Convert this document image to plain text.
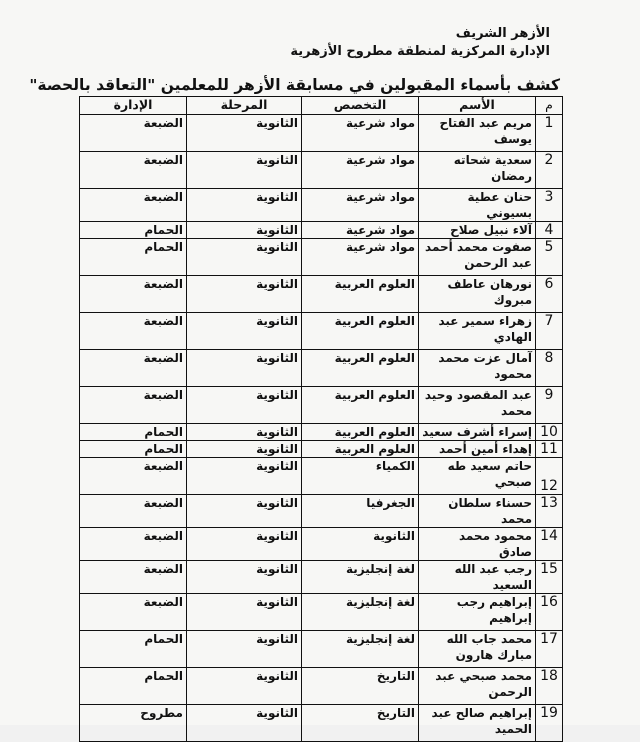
الأزهر الشريف
الإدارة المركزية لمنطقة مطروح الأزهرية
كشف بأسماء المقبولين في مسابقة الأزهر للمعلمين "التعاقد بالحصة"
م	الأسم	التخصص	المرحلة	الإدارة
1	مريم عبد الفتاح يوسف	مواد شرعية	الثانوية	الضبعة
2	سعدية شحاته رمضان	مواد شرعية	الثانوية	الضبعة
3	حنان عطية بسيوني	مواد شرعية	الثانوية	الضبعة
4	آلاء نبيل صلاح	مواد شرعية	الثانوية	الحمام
5	صفوت محمد أحمد عبد الرحمن	مواد شرعية	الثانوية	الحمام
6	نورهان عاطف مبروك	العلوم العربية	الثانوية	الضبعة
7	زهراء سمير عبد الهادي	العلوم العربية	الثانوية	الضبعة
8	آمال عزت محمد محمود	العلوم العربية	الثانوية	الضبعة
9	عبد المقصود وحيد محمد	العلوم العربية	الثانوية	الضبعة
10	إسراء أشرف سعيد	العلوم العربية	الثانوية	الحمام
11	إهداء أمين أحمد	العلوم العربية	الثانوية	الحمام
12	حاتم سعيد طه صبحي	الكمياء	الثانوية	الضبعة
13	حسناء سلطان محمد	الجغرفيا	الثانوية	الضبعة
14	محمود محمد صادق	الثانوية	الثانوية	الضبعة
15	رجب عبد الله السعيد	لغة إنجليزية	الثانوية	الضبعة
16	إبراهيم رجب إبراهيم	لغة إنجليزية	الثانوية	الضبعة
17	محمد جاب الله مبارك هارون	لغة إنجليزية	الثانوية	الحمام
18	محمد صبحي عبد الرحمن	التاريخ	الثانوية	الحمام
19	إبراهيم صالح عبد الحميد	التاريخ	الثانوية	مطروح
